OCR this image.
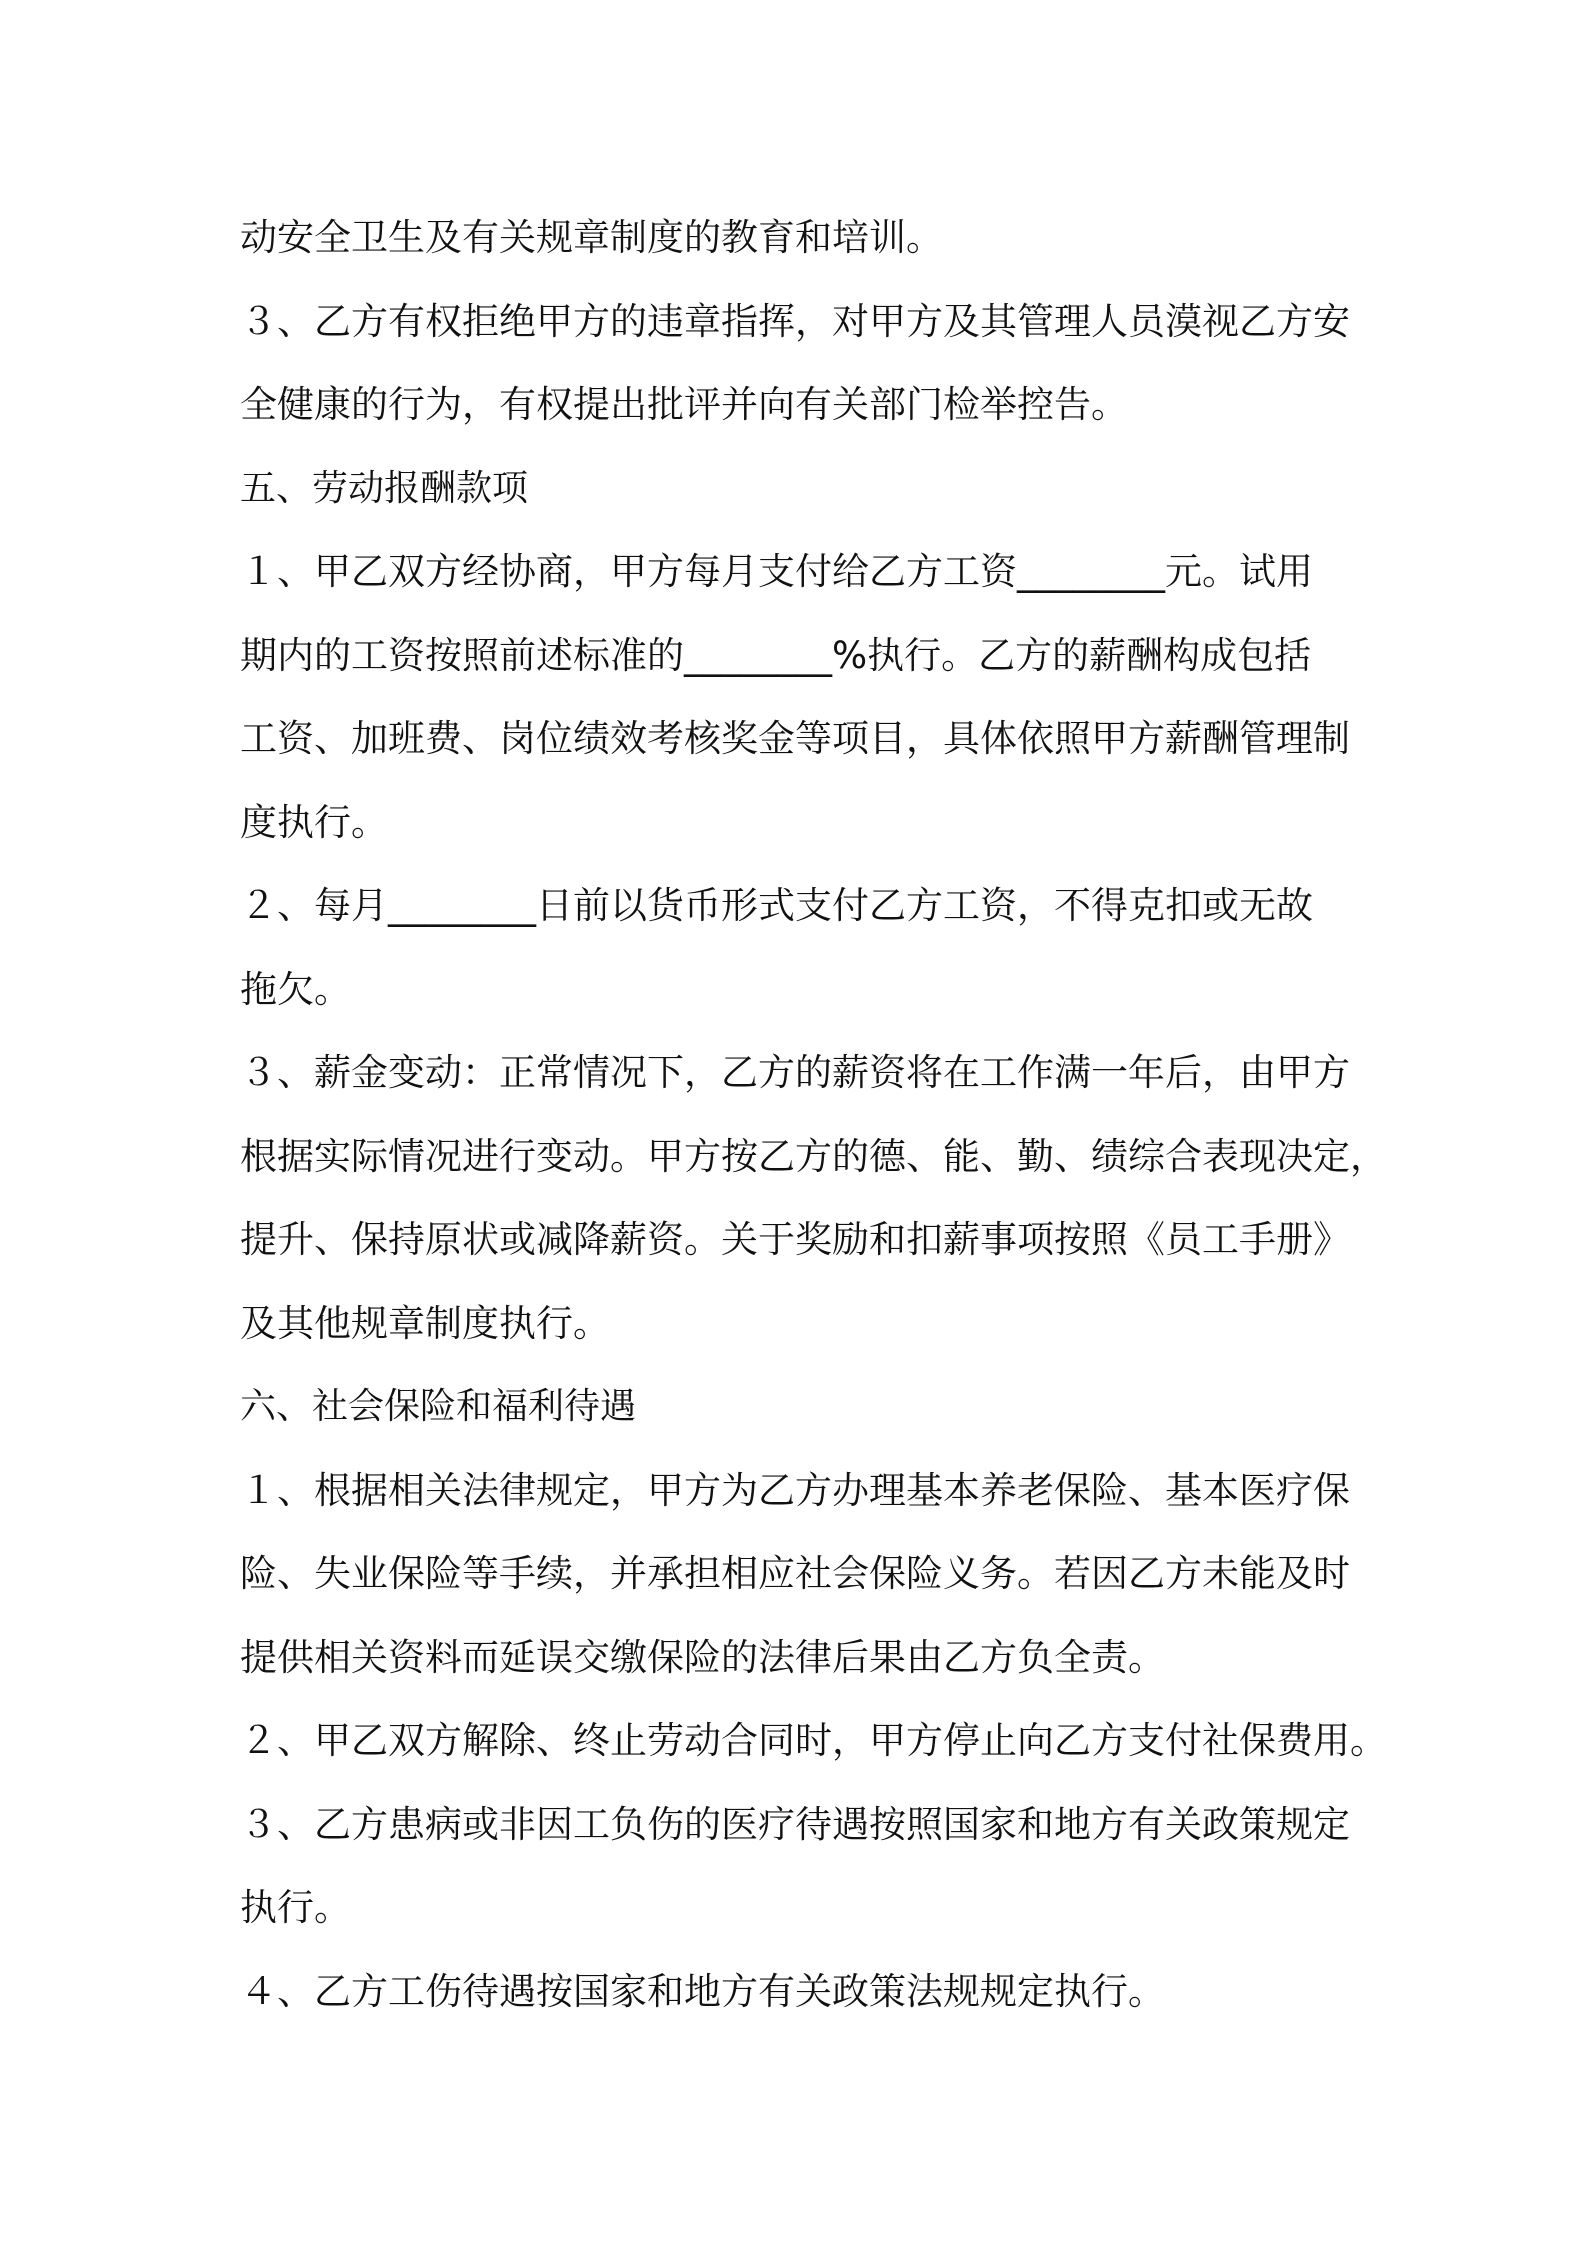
动安全卫生及有关规章制度的教育和培训。

３、乙方有权拒绝甲方的违章指挥，对甲方及其管理人员漠视乙方安

全健康的行为，有权提出批评并向有关部门检举控告。

五、劳动报酬款项

１、甲乙双方经协商，甲方每月支付给乙方工资________元。试用

期内的工资按照前述标准的________%执行。乙方的薪酬构成包括

工资、加班费、岗位绩效考核奖金等项目，具体依照甲方薪酬管理制

度执行。

２、每月________日前以货币形式支付乙方工资，不得克扣或无故

拖欠。

３、薪金变动：正常情况下，乙方的薪资将在工作满一年后，由甲方

根据实际情况进行变动。甲方按乙方的德、能、勤、绩综合表现决定，

提升、保持原状或减降薪资。关于奖励和扣薪事项按照《员工手册》

及其他规章制度执行。

六、社会保险和福利待遇

１、根据相关法律规定，甲方为乙方办理基本养老保险、基本医疗保

险、失业保险等手续，并承担相应社会保险义务。若因乙方未能及时

提供相关资料而延误交缴保险的法律后果由乙方负全责。

２、甲乙双方解除、终止劳动合同时，甲方停止向乙方支付社保费用。

３、乙方患病或非因工负伤的医疗待遇按照国家和地方有关政策规定

执行。

４、乙方工伤待遇按国家和地方有关政策法规规定执行。
